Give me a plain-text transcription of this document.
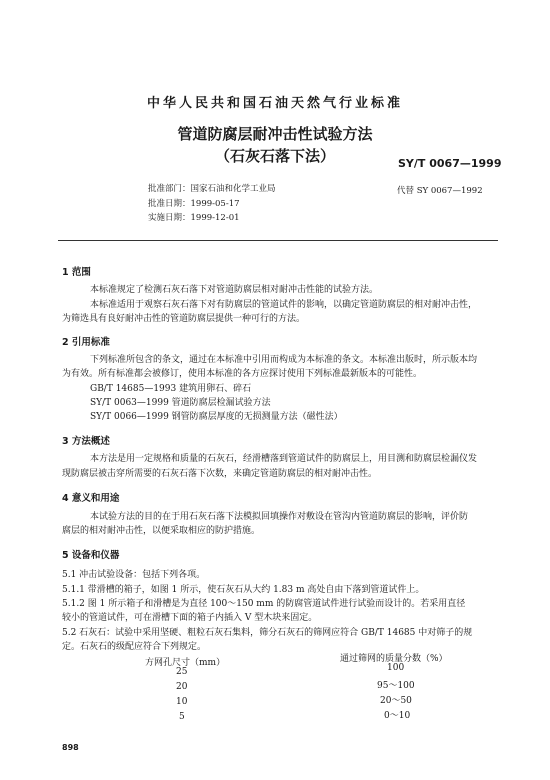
中华人民共和国石油天然气行业标准
管道防腐层耐冲击性试验方法
（石灰石落下法）	SY/T 0067—1999
批准部门：国家石油和化学工业局
批准日期：1999-05-17
实施日期：1999-12-01
代替 SY 0067—1992
1 范围
本标准规定了检测石灰石落下对管道防腐层相对耐冲击性能的试验方法。
本标准适用于观察石灰石落下对有防腐层的管道试件的影响，以确定管道防腐层的相对耐冲击性，
为筛选具有良好耐冲击性的管道防腐层提供一种可行的方法。
2 引用标准
下列标准所包含的条文，通过在本标准中引用而构成为本标准的条文。本标准出版时，所示版本均
为有效。所有标准都会被修订，使用本标准的各方应探讨使用下列标准最新版本的可能性。
GB/T 14685—1993 建筑用卵石、碎石
SY/T 0063—1999 管道防腐层检漏试验方法
SY/T 0066—1999 钢管防腐层厚度的无损测量方法（磁性法）
3 方法概述
本方法是用一定规格和质量的石灰石，经滑槽落到管道试件的防腐层上，用目测和防腐层检漏仪发
现防腐层被击穿所需要的石灰石落下次数，来确定管道防腐层的相对耐冲击性。
4 意义和用途
本试验方法的目的在于用石灰石落下法模拟回填操作对敷设在管沟内管道防腐层的影响，评价防
腐层的相对耐冲击性，以便采取相应的防护措施。
5 设备和仪器
5.1 冲击试验设备：包括下列各项。
5.1.1 带滑槽的箱子，如图 1 所示，使石灰石从大约 1.83 m 高处自由下落到管道试件上。
5.1.2 图 1 所示箱子和滑槽是为直径 100～150 mm 的防腐管道试件进行试验而设计的。若采用直径
较小的管道试件，可在滑槽下面的箱子内插入 V 型木块来固定。
5.2 石灰石：试验中采用坚硬、粗粒石灰石集料，筛分石灰石的筛网应符合 GB/T 14685 中对筛子的规
定。石灰石的级配应符合下列规定。
方网孔尺寸（mm）	通过筛网的质量分数（%）
25	100
20	95～100
10	20～50
5	0～10
898
